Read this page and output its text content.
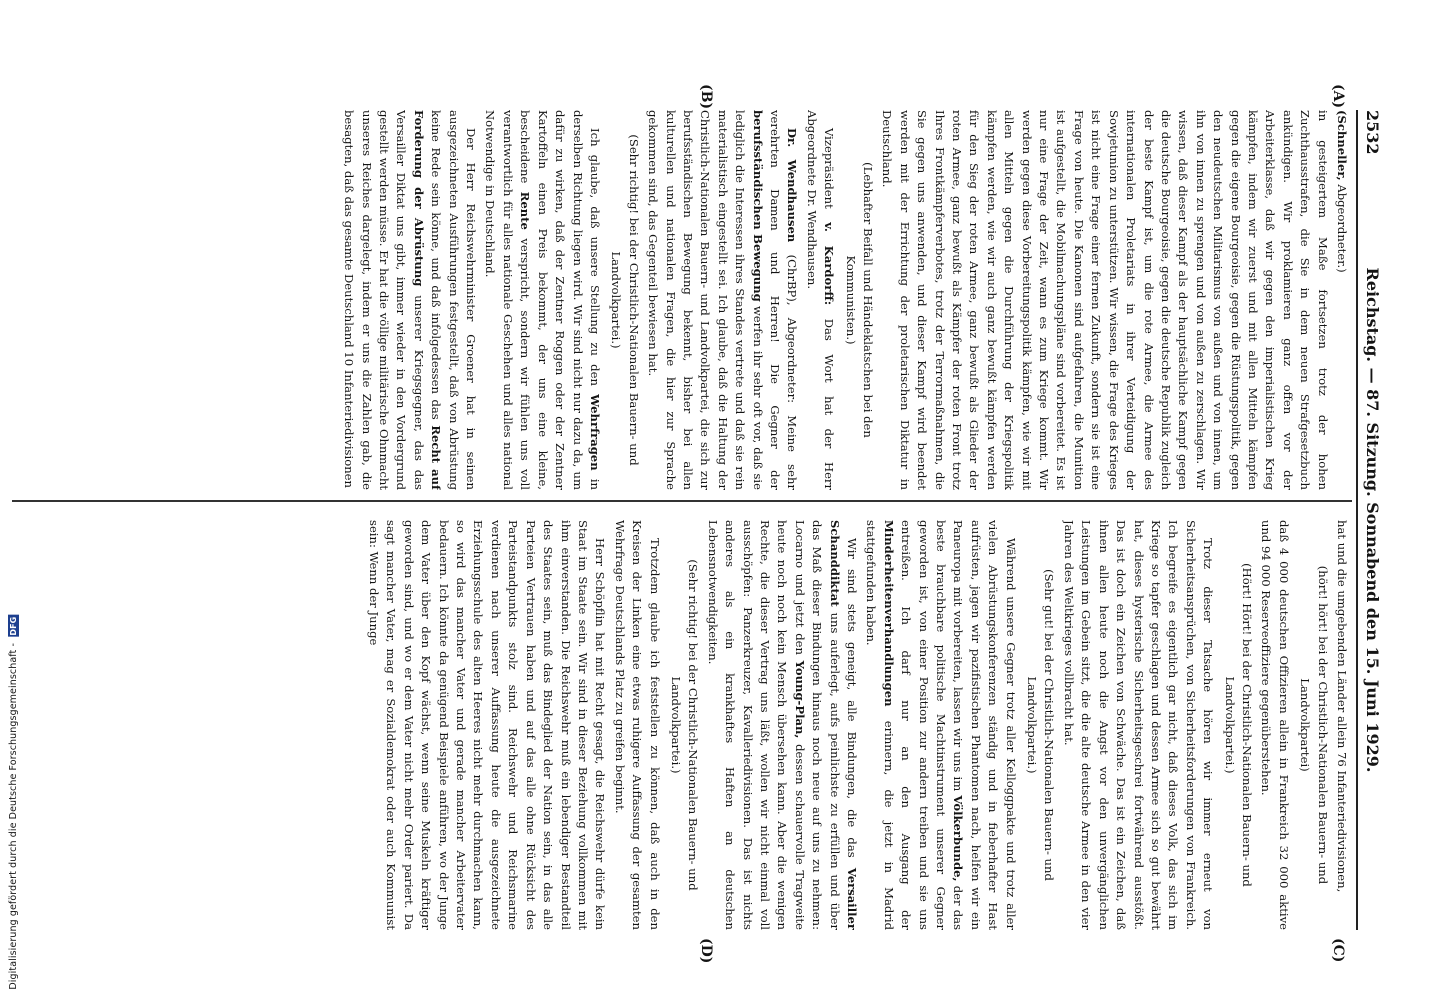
2532
Reichstag. — 87. Sitzung. Sonnabend den 15. Juni 1929.
(A)
(B)
(C)
(D)

(Schneller, Abgeordneter.)

in gesteigertem Maße fortsetzen trotz der hohen Zuchthausstrafen, die Sie in dem neuen Strafgesetzbuch ankündigen. Wir proklamieren ganz offen vor der Arbeiterklasse, daß wir gegen den imperialistischen Krieg kämpfen, indem wir zuerst und mit allen Mitteln kämpfen gegen die eigene Bourgeoisie, gegen die Rüstungspolitik, gegen den neudeutschen Militarismus von außen und von innen, um ihn von innen zu sprengen und von außen zu zerschlagen. Wir wissen, daß dieser Kampf als der hauptsächliche Kampf gegen die deutsche Bourgeoisie, gegen die deutsche Republik zugleich der beste Kampf ist, um die rote Armee, die Armee des internationalen Proletariats in ihrer Verteidigung der Sowjetunion zu unterstützen. Wir wissen, die Frage des Krieges ist nicht eine Frage einer fernen Zukunft, sondern sie ist eine Frage von heute. Die Kanonen sind aufgefahren, die Munition ist aufgestellt, die Mobilmachungspläne sind vorbereitet. Es ist nur eine Frage der Zeit, wann es zum Kriege kommt. Wir werden gegen diese Vorbereitungspolitik kämpfen, wie wir mit allen Mitteln gegen die Durchführung der Kriegspolitik kämpfen werden, wie wir auch ganz bewußt kämpfen werden für den Sieg der roten Armee, ganz bewußt als Glieder der roten Armee, ganz bewußt als Kämpfer der roten Front trotz Ihres Frontkämpferverbotes, trotz der Terrormaßnahmen, die Sie gegen uns anwenden, und dieser Kampf wird beendet werden mit der Errichtung der proletarischen Diktatur in Deutschland.

(Lebhafter Beifall und Händeklatschen bei den Kommunisten.)

Vizepräsident v. Kardorff: Das Wort hat der Herr Abgeordnete Dr. Wendhausen.

Dr. Wendhausen (ChrBP), Abgeordneter: Meine sehr verehrten Damen und Herren! Die Gegner der berufsständischen Bewegung werfen ihr sehr oft vor, daß sie lediglich die Interessen ihres Standes vertrete und daß sie rein materialistisch eingestellt sei. Ich glaube, daß die Haltung der Christlich-Nationalen Bauern- und Landvolkpartei, die sich zur berufsständischen Bewegung bekennt, bisher bei allen kulturellen und nationalen Fragen, die hier zur Sprache gekommen sind, das Gegenteil bewiesen hat.

(Sehr richtig! bei der Christlich-Nationalen Bauern- und Landvolkpartei.)

Ich glaube, daß unsere Stellung zu den Wehrfragen in derselben Richtung liegen wird. Wir sind nicht nur dazu da, um dafür zu wirken, daß der Zentner Roggen oder der Zentner Kartoffeln einen Preis bekommt, der uns eine kleine, bescheidene Rente verspricht, sondern wir fühlen uns voll verantwortlich für alles nationale Geschehen und alles national Notwendige in Deutschland.

Der Herr Reichswehrminister Groener hat in seinen ausgezeichneten Ausführungen festgestellt, daß von Abrüstung keine Rede sein könne, und daß infolgedessen das Recht auf Forderung der Abrüstung unserer Kriegsgegner, das das Versailler Diktat uns gibt, immer wieder in den Vordergrund gestellt werden müsse. Er hat die völlige militärische Ohnmacht unseres Reiches dargelegt, indem er uns die Zahlen gab, die besagten, daß das gesamte Deutschland 10 Infanteriedivisionen

hat und die umgebenden Länder allein 76 Infanteriedivisionen,

(hört! hört! bei der Christlich-Nationalen Bauern- und Landvolkpartei)

daß 4 000 deutschen Offizieren allein in Frankreich 32 000 aktive und 94 000 Reserveoffiziere gegenüberstehen.

(Hört! Hört! bei der Christlich-Nationalen Bauern- und Landvolkpartei.)

Trotz dieser Tatsache hören wir immer erneut von Sicherheitsansprüchen, von Sicherheitsforderungen von Frankreich. Ich begreife es eigentlich gar nicht, daß dieses Volk, das sich im Kriege so tapfer geschlagen und dessen Armee sich so gut bewährt hat, dieses hysterische Sicherheitsgeschrei fortwährend ausstößt. Das ist doch ein Zeichen von Schwäche. Das ist ein Zeichen, daß ihnen allen heute noch die Angst vor den unvergänglichen Leistungen im Gebein sitzt, die die alte deutsche Armee in den vier Jahren des Weltkrieges vollbracht hat.

(Sehr gut! bei der Christlich-Nationalen Bauern- und Landvolkpartei.)

Während unsere Gegner trotz aller Kelloggpakte und trotz aller vielen Abrüstungskonferenzen ständig und in fieberhafter Hast aufrüsten, jagen wir pazifistischen Phantomen nach, helfen wir ein Paneuropa mit vorbereiten, lassen wir uns im Völkerbunde, der das beste brauchbare politische Machtinstrument unserer Gegner geworden ist, von einer Position zur andern treiben und sie uns entreißen. Ich darf nur an den Ausgang der Minderheitenverhandlungen erinnern, die jetzt in Madrid stattgefunden haben.

Wir sind stets geneigt, alle Bindungen, die das Versailler Schanddiktat uns auferlegt, aufs peinlichste zu erfüllen und über das Maß dieser Bindungen hinaus noch neue auf uns zu nehmen: Locarno und jetzt den Young-Plan, dessen schauervolle Tragweite heute noch noch kein Mensch übersehen kann. Aber die wenigen Rechte, die dieser Vertrag uns läßt, wollen wir nicht einmal voll ausschöpfen: Panzerkreuzer, Kavalleriedivisionen. Das ist nichts anderes als ein krankhaftes Haften an deutschen Lebensnotwendigkeiten.

(Sehr richtig! bei der Christlich-Nationalen Bauern- und Landvolkpartei.)

Trotzdem glaube ich feststellen zu können, daß auch in den Kreisen der Linken eine etwas ruhigere Auffassung der gesamten Wehrfrage Deutschlands Platz zu greifen beginnt.

Herr Schöpflin hat mit Recht gesagt, die Reichswehr dürfe kein Staat im Staate sein. Wir sind in dieser Beziehung vollkommen mit ihm einverstanden. Die Reichswehr muß ein lebendiger Bestandteil des Staates sein, muß das Bindeglied der Nation sein, in das alle Parteien Vertrauen haben und auf das alle ohne Rücksicht des Parteistandpunkts stolz sind. Reichswehr und Reichsmarine verdienen nach unserer Auffassung heute die ausgezeichnete Erziehungsschule des alten Heeres nicht mehr durchmachen kann, so wird das mancher Vater und gerade mancher Arbeitervater bedauern. Ich könnte da genügend Beispiele anführen, wo der Junge dem Vater über den Kopf wächst, wenn seine Muskeln kräftiger geworden sind, und wo er dem Vater nicht mehr Order pariert. Da sagt mancher Vater, mag er Sozialdemokrat oder auch Kommunist sein: Wenn der Junge

Digitalisierung gefördert durch die Deutsche Forschungsgemeinschaft -
DFG
